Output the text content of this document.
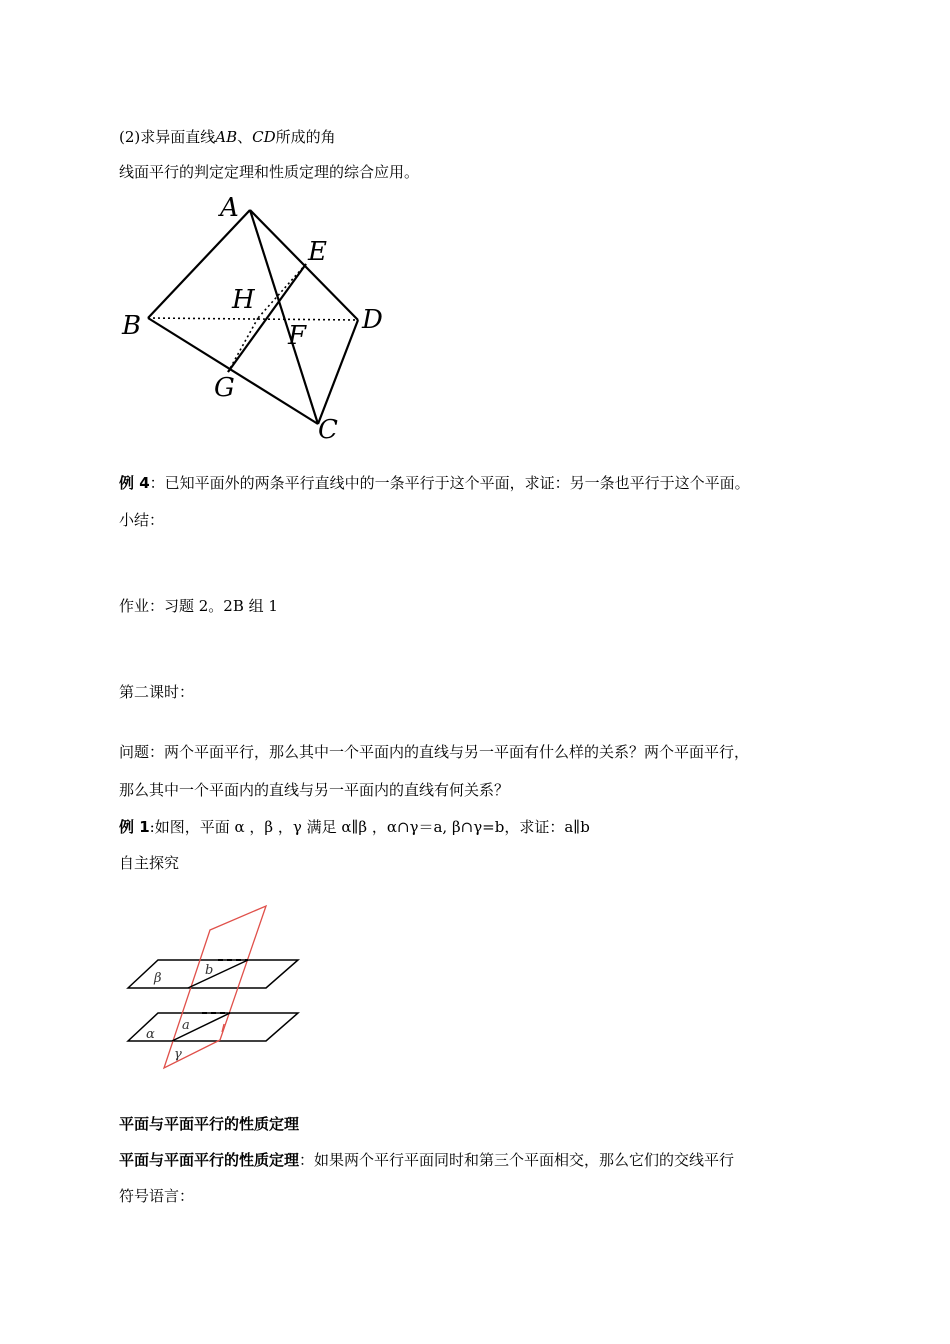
(2)求异面直线AB、CD所成的角
线面平行的判定定理和性质定理的综合应用。
A
E
H
B	D
F
G
C
例 4：已知平面外的两条平行直线中的一条平行于这个平面，求证：另一条也平行于这个平面。
小结：
作业：习题 2。2B 组 1
第二课时：
问题：两个平面平行，那么其中一个平面内的直线与另一平面有什么样的关系？两个平面平行，
那么其中一个平面内的直线与另一平面内的直线有何关系？
例 1:如图，平面 α ，β ，γ 满足 α∥β ，α∩γ＝a, β∩γ=b，求证：a∥b
自主探究
β
b
α
a
γ
平面与平面平行的性质定理
平面与平面平行的性质定理：如果两个平行平面同时和第三个平面相交，那么它们的交线平行
符号语言：
